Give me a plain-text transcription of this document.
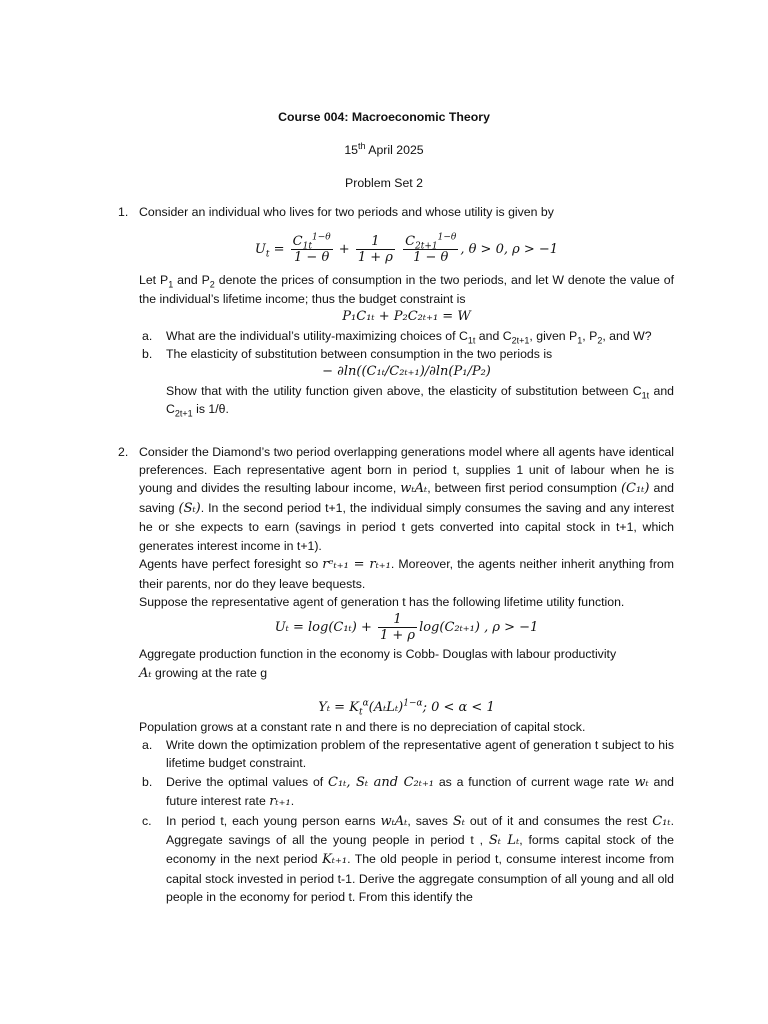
Course 004: Macroeconomic Theory
15th April 2025
Problem Set 2
1. Consider an individual who lives for two periods and whose utility is given by

$U_t = \frac{C_{1t}^{1-\theta}}{1 - \theta} + \frac{1}{1 + \rho}$
$\frac{C_{2t+1}^{1-\theta}}{1 - \theta}$ , θ > 0, ρ > −1

Let $P_1$ and $P_2$ denote the prices of consumption in the two periods, and let W denote the value of the individual’s lifetime income; thus the budget constraint is

P₁C₁ₜ + P₂C₂ₜ₊₁ = W

a. What are the individual’s utility-maximizing choices of $C_{1t}$ and $C_{2t+1}$, given $P_1$, $P_2$, and W?

b. The elasticity of substitution between consumption in the two periods is

− ∂ln((C₁ₜ/C₂ₜ₊₁)/∂ln(P₁/P₂)

Show that with the utility function given above, the elasticity of substitution between $C_{1t}$ and $C_{2t+1}$ is 1/θ.

2. Consider the Diamond’s two period overlapping generations model where all agents have identical preferences. Each representative agent born in period t, supplies 1 unit of labour when he is young and divides the resulting labour income, wₜAₜ, between first period consumption (C₁ₜ) and saving (Sₜ). In the second period t+1, the individual simply consumes the saving and any interest he or she expects to earn (savings in period t gets converted into capital stock in t+1, which generates interest income in t+1).

Agents have perfect foresight so rᵉₜ₊₁ = rₜ₊₁. Moreover, the agents neither inherit anything from their parents, nor do they leave bequests.

Suppose the representative agent of generation t has the following lifetime utility function.

$U_t = \log(C_{1t}) + \frac{1}{1 + \rho} \log(C_{2t+1})$ , ρ > −1

Aggregate production function in the economy is Cobb- Douglas with labour productivity
Aₜ growing at the rate g

$Y_t = K_t^\alpha(A_tL_t)^{1-\alpha}$; 0 < α < 1

Population grows at a constant rate n and there is no depreciation of capital stock.

a. Write down the optimization problem of the representative agent of generation t subject to his lifetime budget constraint.

b. Derive the optimal values of C₁ₜ, Sₜ and C₂ₜ₊₁ as a function of current wage rate wₜ and future interest rate rₜ₊₁.

c. In period t, each young person earns wₜAₜ, saves Sₜ out of it and consumes the rest C₁ₜ. Aggregate savings of all the young people in period t , Sₜ Lₜ, forms capital stock of the economy in the next period Kₜ₊₁. The old people in period t, consume interest income from capital stock invested in period t-1. Derive the aggregate consumption of all young and all old people in the economy for period t. From this identify the
